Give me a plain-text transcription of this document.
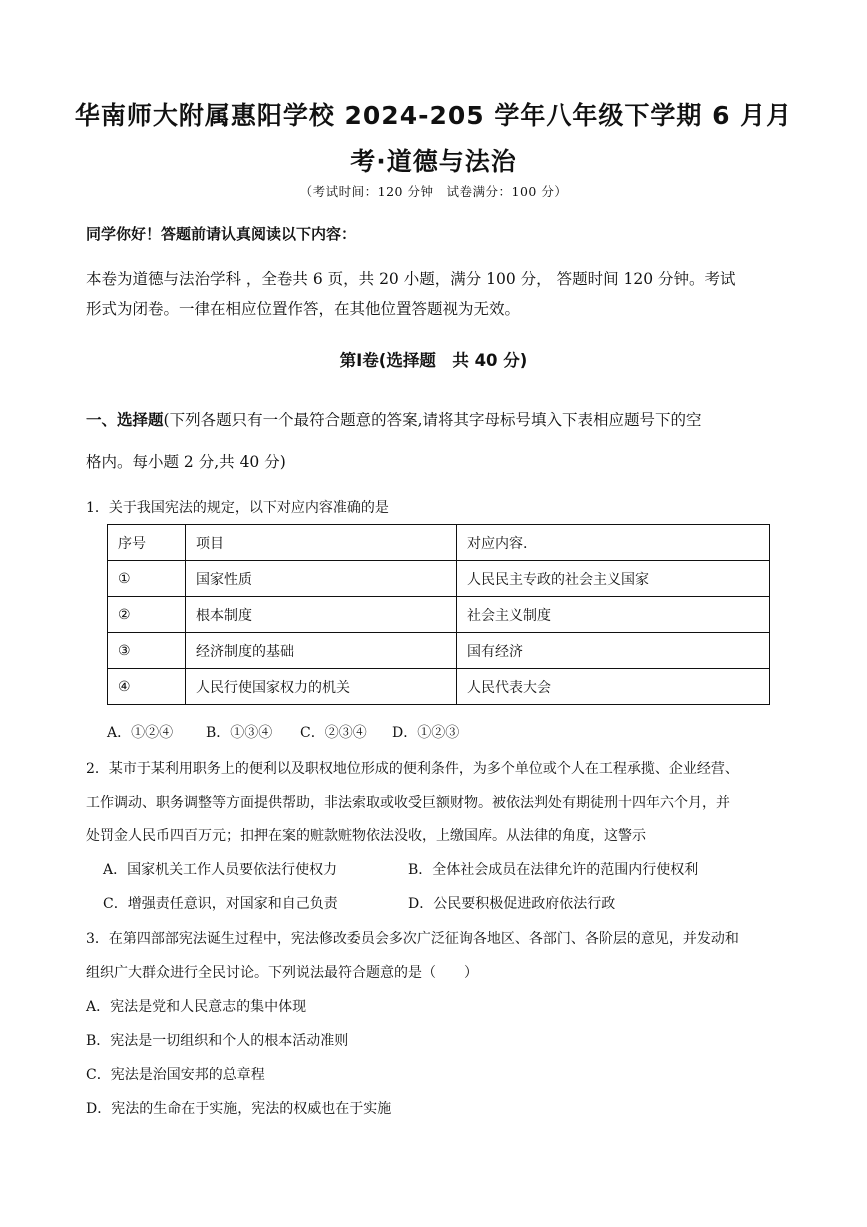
华南师大附属惠阳学校 2024-205 学年八年级下学期 6 月月
考·道德与法治
（考试时间：120 分钟　试卷满分：100 分）
同学你好！答题前请认真阅读以下内容：
本卷为道德与法治学科 ，全卷共 6 页，共 20 小题，满分 100 分， 答题时间 120 分钟。考试
形式为闭卷。一律在相应位置作答，在其他位置答题视为无效。
第Ⅰ卷(选择题　共 40 分)
一、选择题(下列各题只有一个最符合题意的答案,请将其字母标号填入下表相应题号下的空
格内。每小题 2 分,共 40 分)
1．关于我国宪法的规定，以下对应内容准确的是
序号	项目	对应内容.
①	国家性质	人民民主专政的社会主义国家
②	根本制度	社会主义制度
③	经济制度的基础	国有经济
④	人民行使国家权力的机关	人民代表大会
A．①②④ B．①③④ C．②③④ D．①②③
2．某市于某利用职务上的便利以及职权地位形成的便利条件，为多个单位或个人在工程承揽、企业经营、
工作调动、职务调整等方面提供帮助，非法索取或收受巨额财物。被依法判处有期徒刑十四年六个月，并
处罚金人民币四百万元；扣押在案的赃款赃物依法没收，上缴国库。从法律的角度，这警示
A．国家机关工作人员要依法行使权力	B．全体社会成员在法律允许的范围内行使权利
C．增强责任意识，对国家和自己负责	D．公民要积极促进政府依法行政
3．在第四部部宪法诞生过程中，宪法修改委员会多次广泛征询各地区、各部门、各阶层的意见，并发动和
组织广大群众进行全民讨论。下列说法最符合题意的是（　　）
A．宪法是党和人民意志的集中体现
B．宪法是一切组织和个人的根本活动准则
C．宪法是治国安邦的总章程
D．宪法的生命在于实施，宪法的权威也在于实施
